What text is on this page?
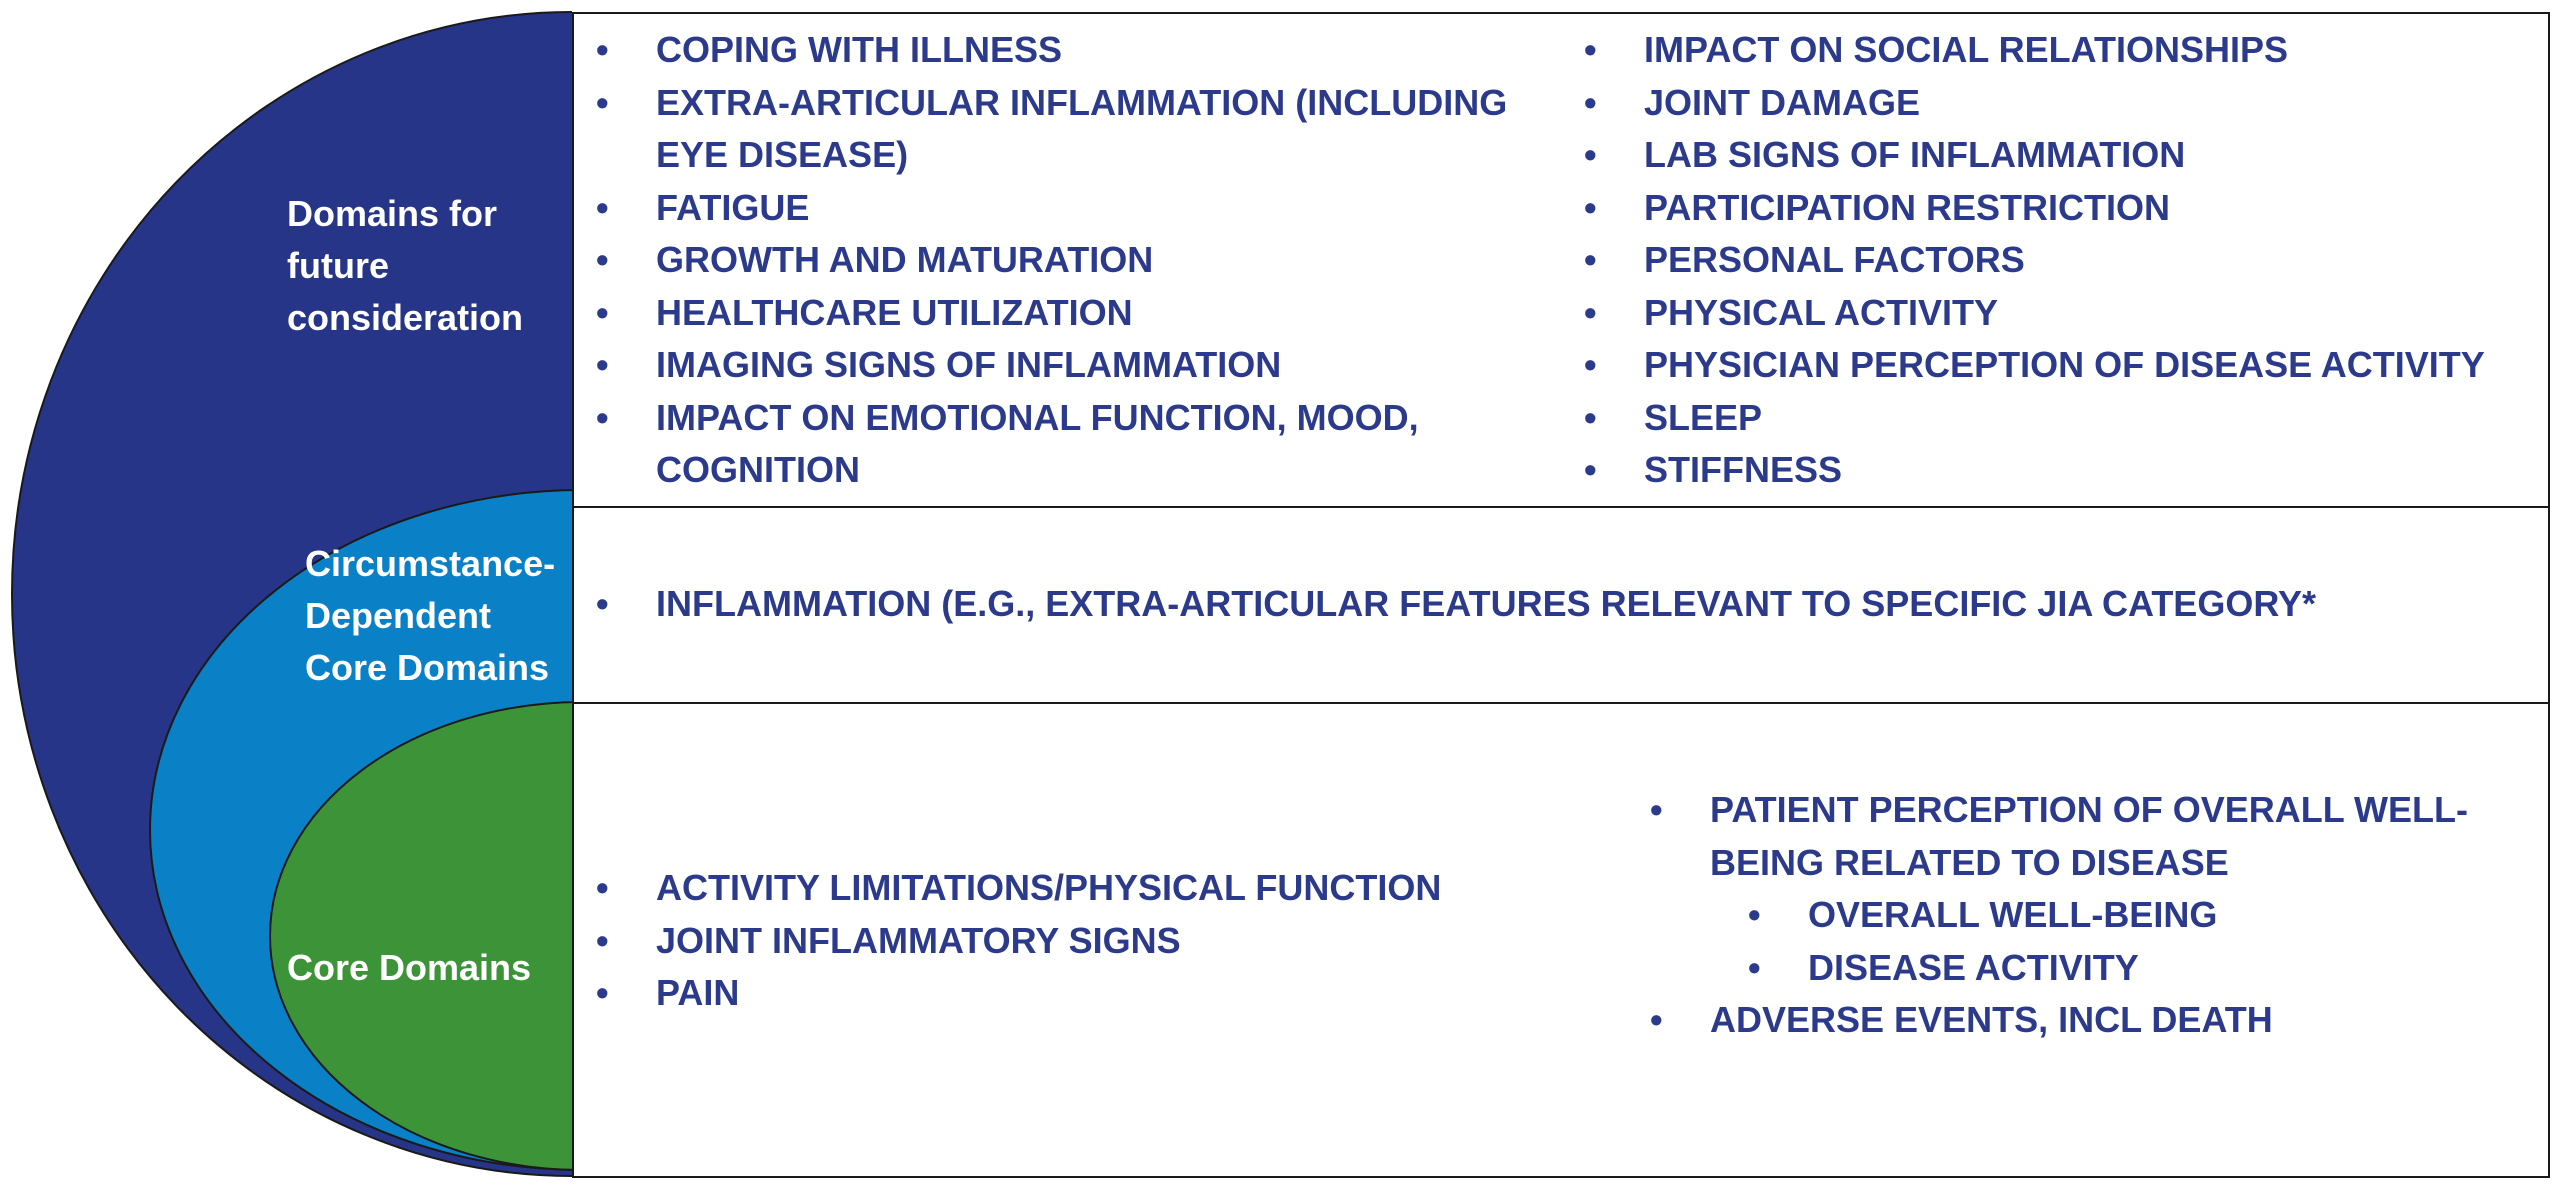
Domains for
future
consideration
Circumstance-
Dependent
Core Domains
Core Domains
• COPING WITH ILLNESS
• EXTRA-ARTICULAR INFLAMMATION (INCLUDING EYE DISEASE)
• FATIGUE
• GROWTH AND MATURATION
• HEALTHCARE UTILIZATION
• IMAGING SIGNS OF INFLAMMATION
• IMPACT ON EMOTIONAL FUNCTION, MOOD, COGNITION
• IMPACT ON SOCIAL RELATIONSHIPS
• JOINT DAMAGE
• LAB SIGNS OF INFLAMMATION
• PARTICIPATION RESTRICTION
• PERSONAL FACTORS
• PHYSICAL ACTIVITY
• PHYSICIAN PERCEPTION OF DISEASE ACTIVITY
• SLEEP
• STIFFNESS
• INFLAMMATION (E.G., EXTRA-ARTICULAR FEATURES RELEVANT TO SPECIFIC JIA CATEGORY*
• ACTIVITY LIMITATIONS/PHYSICAL FUNCTION
• JOINT INFLAMMATORY SIGNS
• PAIN
• PATIENT PERCEPTION OF OVERALL WELL-BEING RELATED TO DISEASE
• OVERALL WELL-BEING
• DISEASE ACTIVITY
• ADVERSE EVENTS, INCL DEATH
